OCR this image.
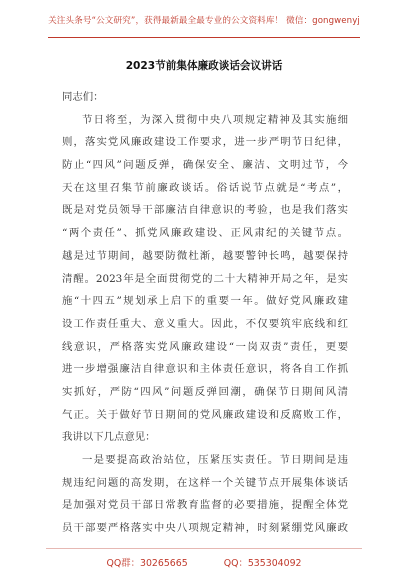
关注头条号“公文研究”，获得最新最全最专业的公文资料库！ 微信：gongwenyj
2023节前集体廉政谈话会议讲话
同志们：
节日将至，为深入贯彻中央八项规定精神及其实施细
则，落实党风廉政建设工作要求，进一步严明节日纪律，
防止“四风”问题反弹，确保安全、廉洁、文明过节，今
天在这里召集节前廉政谈话。俗话说节点就是“考点”，
既是对党员领导干部廉洁自律意识的考验，也是我们落实
“两个责任”、抓党风廉政建设、正风肃纪的关键节点。
越是过节期间，越要防微杜渐，越要警钟长鸣，越要保持
清醒。2023年是全面贯彻党的二十大精神开局之年，是实
施“十四五”规划承上启下的重要一年。做好党风廉政建
设工作责任重大、意义重大。因此，不仅要筑牢底线和红
线意识，严格落实党风廉政建设“一岗双责”责任，更要
进一步增强廉洁自律意识和主体责任意识，将各自工作抓
实抓好，严防“四风”问题反弹回潮，确保节日期间风清
气正。关于做好节日期间的党风廉政建设和反腐败工作，
我讲以下几点意见：
一是要提高政治站位，压紧压实责任。节日期间是违
规违纪问题的高发期，在这样一个关键节点开展集体谈话
是加强对党员干部日常教育监督的必要措施，提醒全体党
员干部要严格落实中央八项规定精神，时刻紧绷党风廉政
QQ群：30265665	QQ：535304092
